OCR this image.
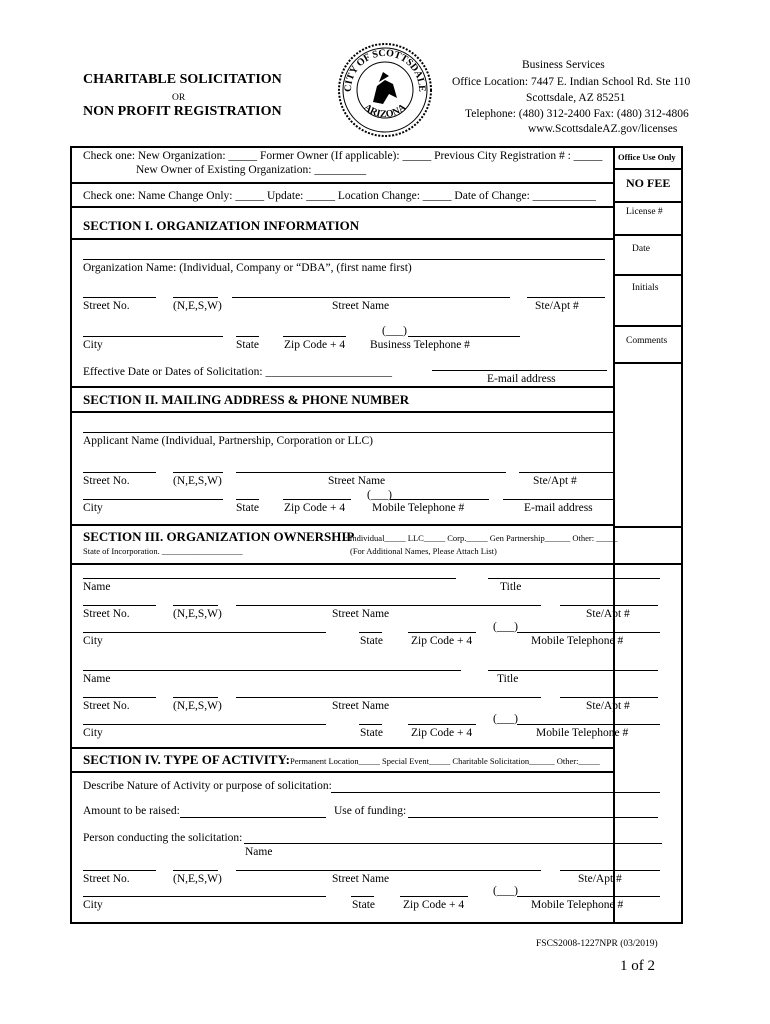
CHARITABLE SOLICITATION
OR
NON PROFIT REGISTRATION
CITY OF SCOTTSDALE
ARIZONA
Business Services
Office Location: 7447 E. Indian School Rd. Ste 110
Scottsdale, AZ 85251
Telephone: (480) 312-2400 Fax: (480) 312-4806
www.ScottsdaleAZ.gov/licenses
Office Use Only
NO FEE
License #
Date
Initials
Comments
Check one: New Organization: _____ Former Owner (If applicable): _____ Previous City Registration # : _____
New Owner of Existing Organization: _________
Check one: Name Change Only: _____ Update: _____ Location Change: _____ Date of Change: ___________
SECTION I. ORGANIZATION INFORMATION
Organization Name: (Individual, Company or “DBA”, (first name first)
Street No.	(N,E,S,W)	Street Name	Ste/Apt #
(___)
City	State Zip Code + 4 Business Telephone #
Effective Date or Dates of Solicitation: ______________________
E-mail address
SECTION II. MAILING ADDRESS & PHONE NUMBER
Applicant Name (Individual, Partnership, Corporation or LLC)
Street No.	(N,E,S,W)	Street Name	Ste/Apt #
(___)
City	State Zip Code + 4 Mobile Telephone #	E-mail address
SECTION III. ORGANIZATION OWNERSHIP
: Individual_____ LLC_____ Corp._____ Gen Partnership______ Other: _____
State of Incorporation. ___________________	(For Additional Names, Please Attach List)
Name	Title
Street No.	(N,E,S,W)	Street Name	Ste/Apt #
(___)
City	State Zip Code + 4	Mobile Telephone #
Name	Title
Street No.	(N,E,S,W)	Street Name	Ste/Apt #
(___)
City	State Zip Code + 4	Mobile Telephone #
SECTION IV. TYPE OF ACTIVITY: Permanent Location_____ Special Event_____ Charitable Solicitation______ Other:_____
Describe Nature of Activity or purpose of solicitation:
Amount to be raised:	Use of funding:
Person conducting the solicitation:
Name
Street No.	(N,E,S,W)	Street Name	Ste/Apt #
(___)
City	State Zip Code + 4	Mobile Telephone #
FSCS2008-1227NPR (03/2019)
1 of 2
